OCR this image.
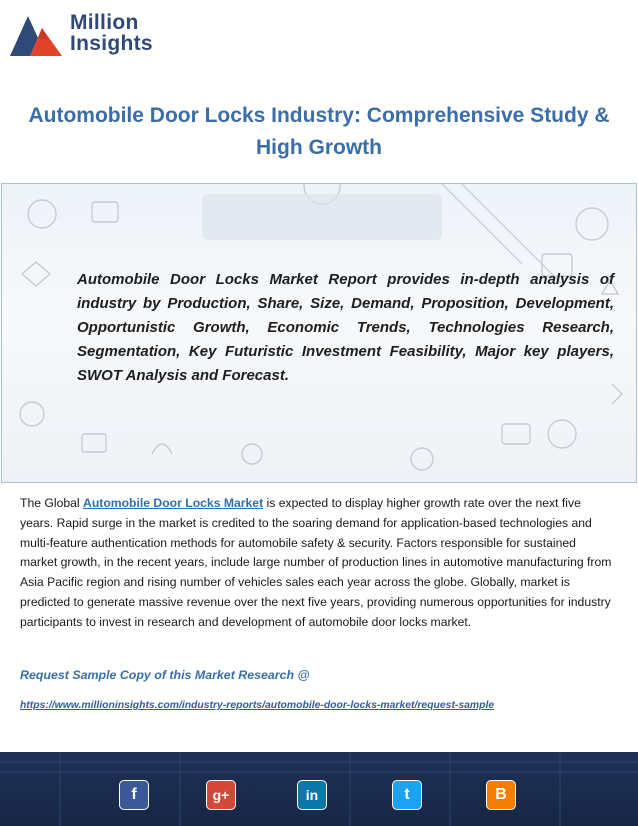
Million
Insights
Automobile Door Locks Industry: Comprehensive Study & High Growth

Automobile Door Locks Market Report provides in-depth analysis of industry by Production, Share, Size, Demand, Proposition, Development, Opportunistic Growth, Economic Trends, Technologies Research, Segmentation, Key Futuristic Investment Feasibility, Major key players, SWOT Analysis and Forecast.

The Global Automobile Door Locks Market is expected to display higher growth rate over the next five years. Rapid surge in the market is credited to the soaring demand for application-based technologies and multi-feature authentication methods for automobile safety & security. Factors responsible for sustained market growth, in the recent years, include large number of production lines in automotive manufacturing from Asia Pacific region and rising number of vehicles sales each year across the globe. Globally, market is predicted to generate massive revenue over the next five years, providing numerous opportunities for industry participants to invest in research and development of automobile door locks market.

Request Sample Copy of this Market Research @

https://www.millioninsights.com/industry-reports/automobile-door-locks-market/request-sample
f	g+	in	t	B
